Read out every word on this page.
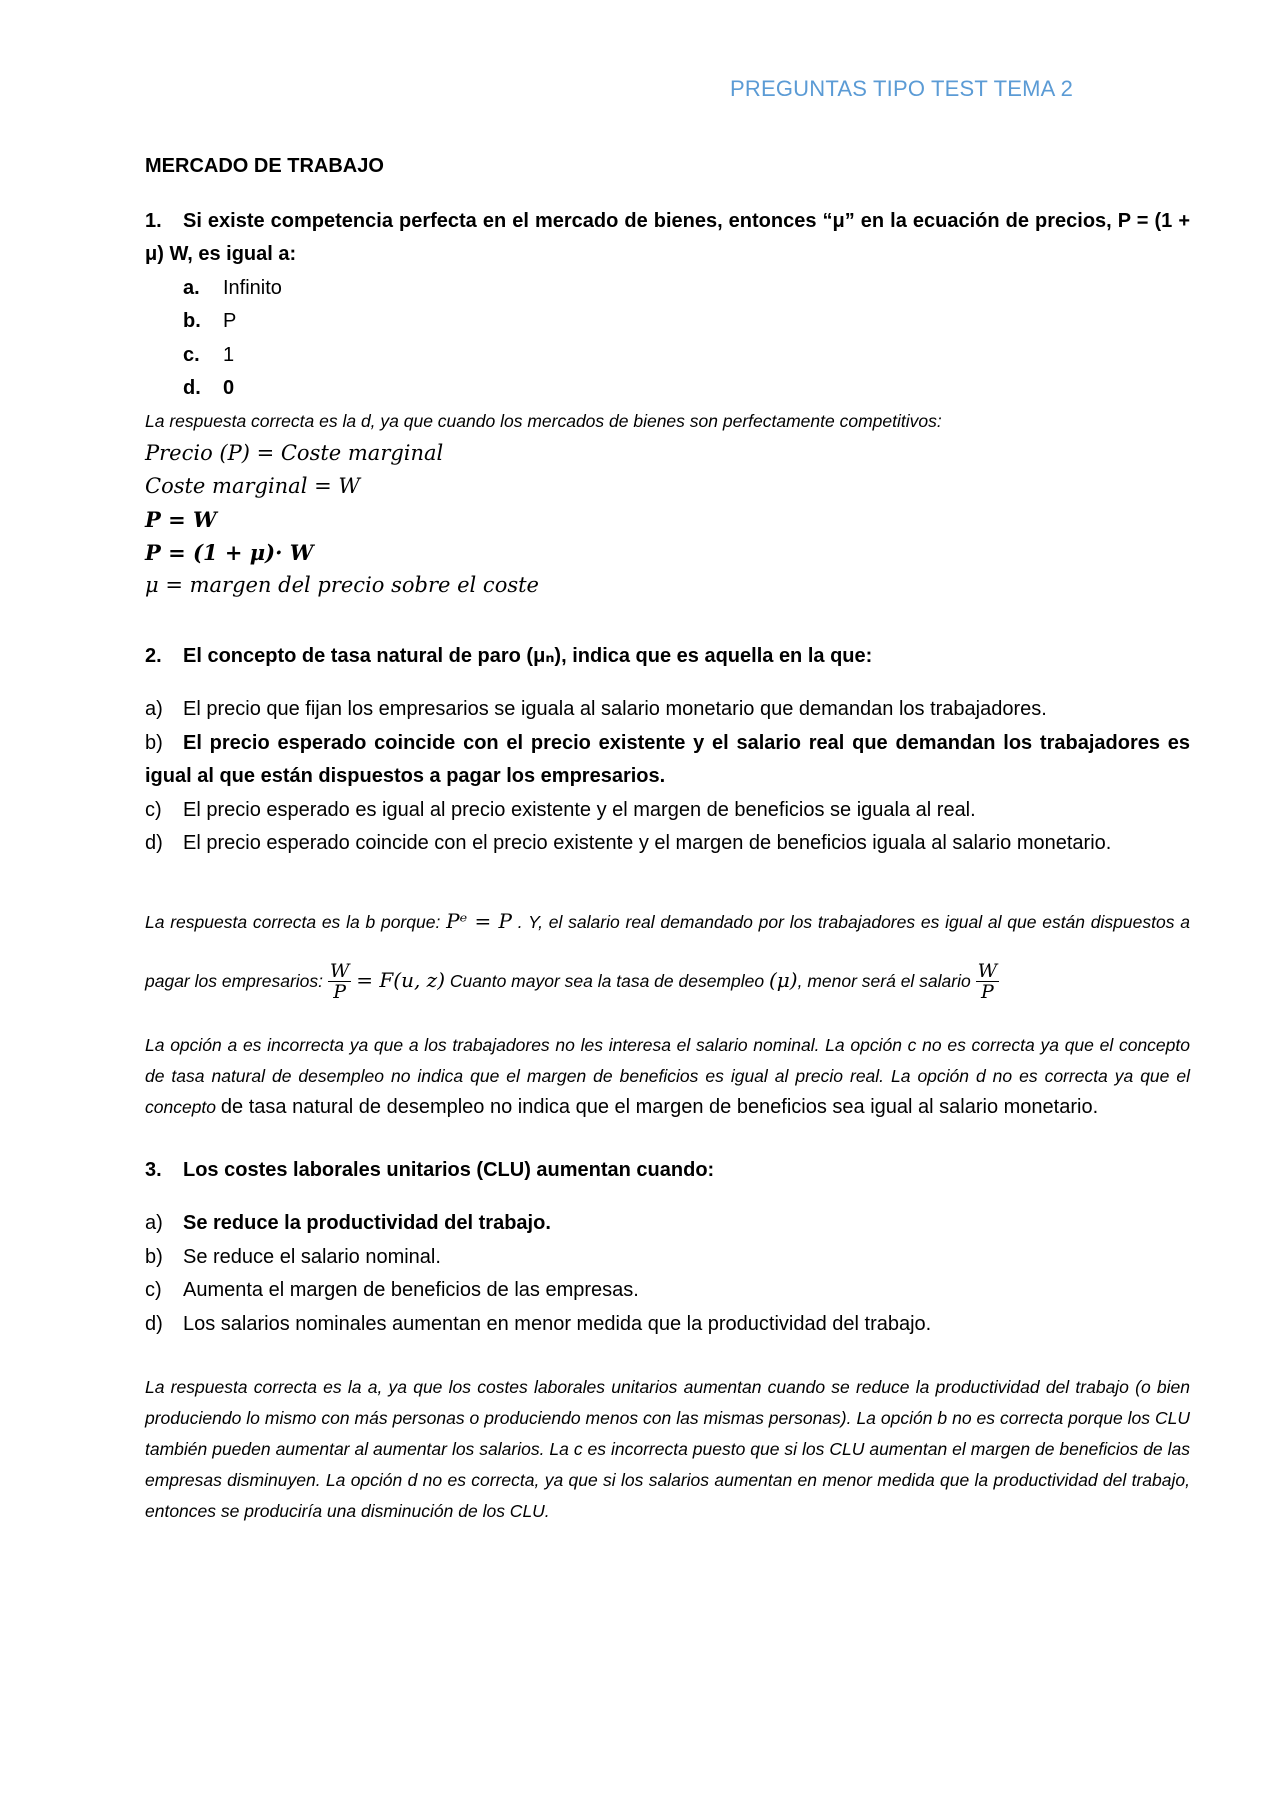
PREGUNTAS TIPO TEST TEMA 2

MERCADO DE TRABAJO

1. Si existe competencia perfecta en el mercado de bienes, entonces “μ” en la ecuación de precios, P = (1 + μ) W, es igual a:

a. Infinito
b. P
c. 1
d. 0

La respuesta correcta es la d, ya que cuando los mercados de bienes son perfectamente competitivos:

Precio (P) = Coste marginal

Coste marginal = W

P = W

P = (1 + μ)· W

μ = margen del precio sobre el coste

2. El concepto de tasa natural de paro (μₙ), indica que es aquella en la que:

a) El precio que fijan los empresarios se iguala al salario monetario que demandan los trabajadores.
b) El precio esperado coincide con el precio existente y el salario real que demandan los trabajadores es igual al que están dispuestos a pagar los empresarios.
c) El precio esperado es igual al precio existente y el margen de beneficios se iguala al real.
d) El precio esperado coincide con el precio existente y el margen de beneficios iguala al salario monetario.

La respuesta correcta es la b porque: Pᵉ = P . Y, el salario real demandado por los trabajadores es igual al que están dispuestos a pagar los empresarios: $\frac{W}{P} = F(u$, z) Cuanto mayor sea la tasa de desempleo (μ), menor será el salario $\frac{W}{P}$

La opción a es incorrecta ya que a los trabajadores no les interesa el salario nominal. La opción c no es correcta ya que el concepto de tasa natural de desempleo no indica que el margen de beneficios es igual al precio real. La opción d no es correcta ya que el concepto de tasa natural de desempleo no indica que el margen de beneficios sea igual al salario monetario.

3. Los costes laborales unitarios (CLU) aumentan cuando:

a) Se reduce la productividad del trabajo.
b) Se reduce el salario nominal.
c) Aumenta el margen de beneficios de las empresas.
d) Los salarios nominales aumentan en menor medida que la productividad del trabajo.

La respuesta correcta es la a, ya que los costes laborales unitarios aumentan cuando se reduce la productividad del trabajo (o bien produciendo lo mismo con más personas o produciendo menos con las mismas personas). La opción b no es correcta porque los CLU también pueden aumentar al aumentar los salarios. La c es incorrecta puesto que si los CLU aumentan el margen de beneficios de las empresas disminuyen. La opción d no es correcta, ya que si los salarios aumentan en menor medida que la productividad del trabajo, entonces se produciría una disminución de los CLU.
